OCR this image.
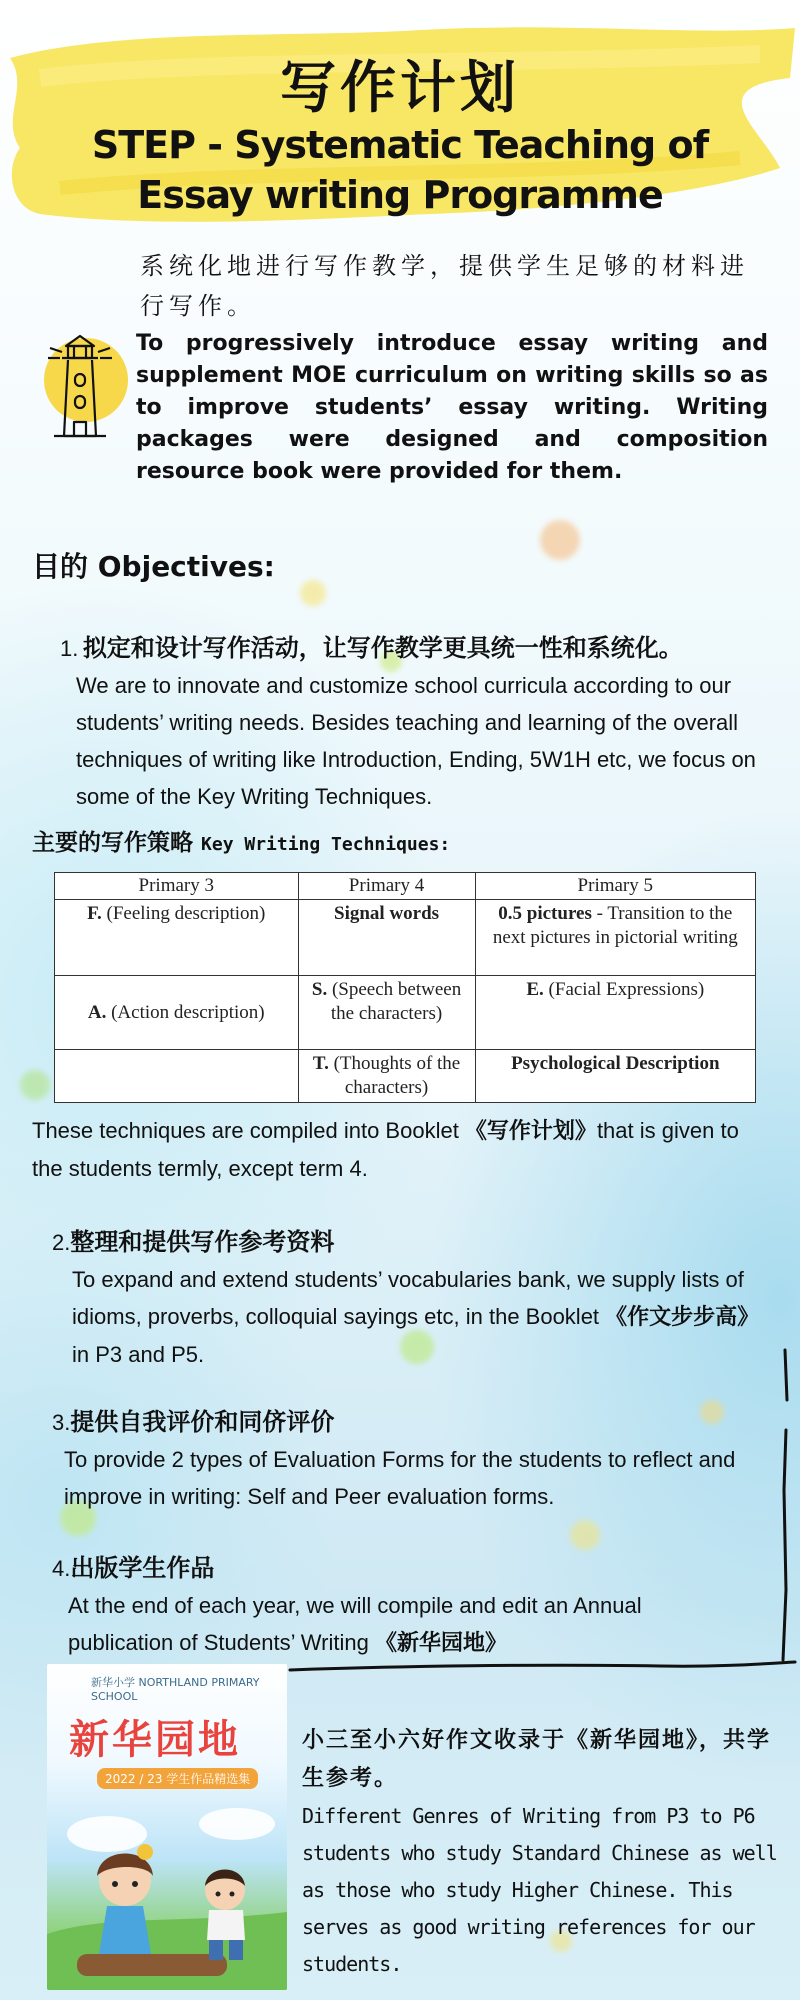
写作计划
STEP - Systematic Teaching of Essay writing Programme
系统化地进行写作教学，提供学生足够的材料进行写作。
To progressively introduce essay writing and supplement MOE curriculum on writing skills so as to improve students’ essay writing. Writing packages were designed and composition resource book were provided for them.
目的 Objectives:
1. 拟定和设计写作活动，让写作教学更具统一性和系统化。
We are to innovate and customize school curricula according to our students’ writing needs. Besides teaching and learning of the overall techniques of writing like Introduction, Ending, 5W1H etc, we focus on some of the Key Writing Techniques.
主要的写作策略 Key Writing Techniques:
Primary 3	Primary 4	Primary 5
F. (Feeling description)	Signal words	0.5 pictures - Transition to the next pictures in pictorial writing
A. (Action description)	S. (Speech between the characters)	E. (Facial Expressions)
	T. (Thoughts of the characters)	Psychological Description
These techniques are compiled into Booklet 《写作计划》that is given to the students termly, except term 4.
2.整理和提供写作参考资料
To expand and extend students’ vocabularies bank, we supply lists of idioms, proverbs, colloquial sayings etc, in the Booklet 《作文步步高》in P3 and P5.
3.提供自我评价和同侪评价
To provide 2 types of Evaluation Forms for the students to reflect and improve in writing: Self and Peer evaluation forms.
4.出版学生作品
At the end of each year, we will compile and edit an Annual publication of Students’ Writing 《新华园地》
新华小学 NORTHLAND PRIMARY SCHOOL
新华园地
2022 / 23 学生作品精选集
小三至小六好作文收录于《新华园地》，共学生参考。
Different Genres of Writing from P3 to P6 students who study Standard Chinese as well as those who study Higher Chinese. This serves as good writing references for our students.
